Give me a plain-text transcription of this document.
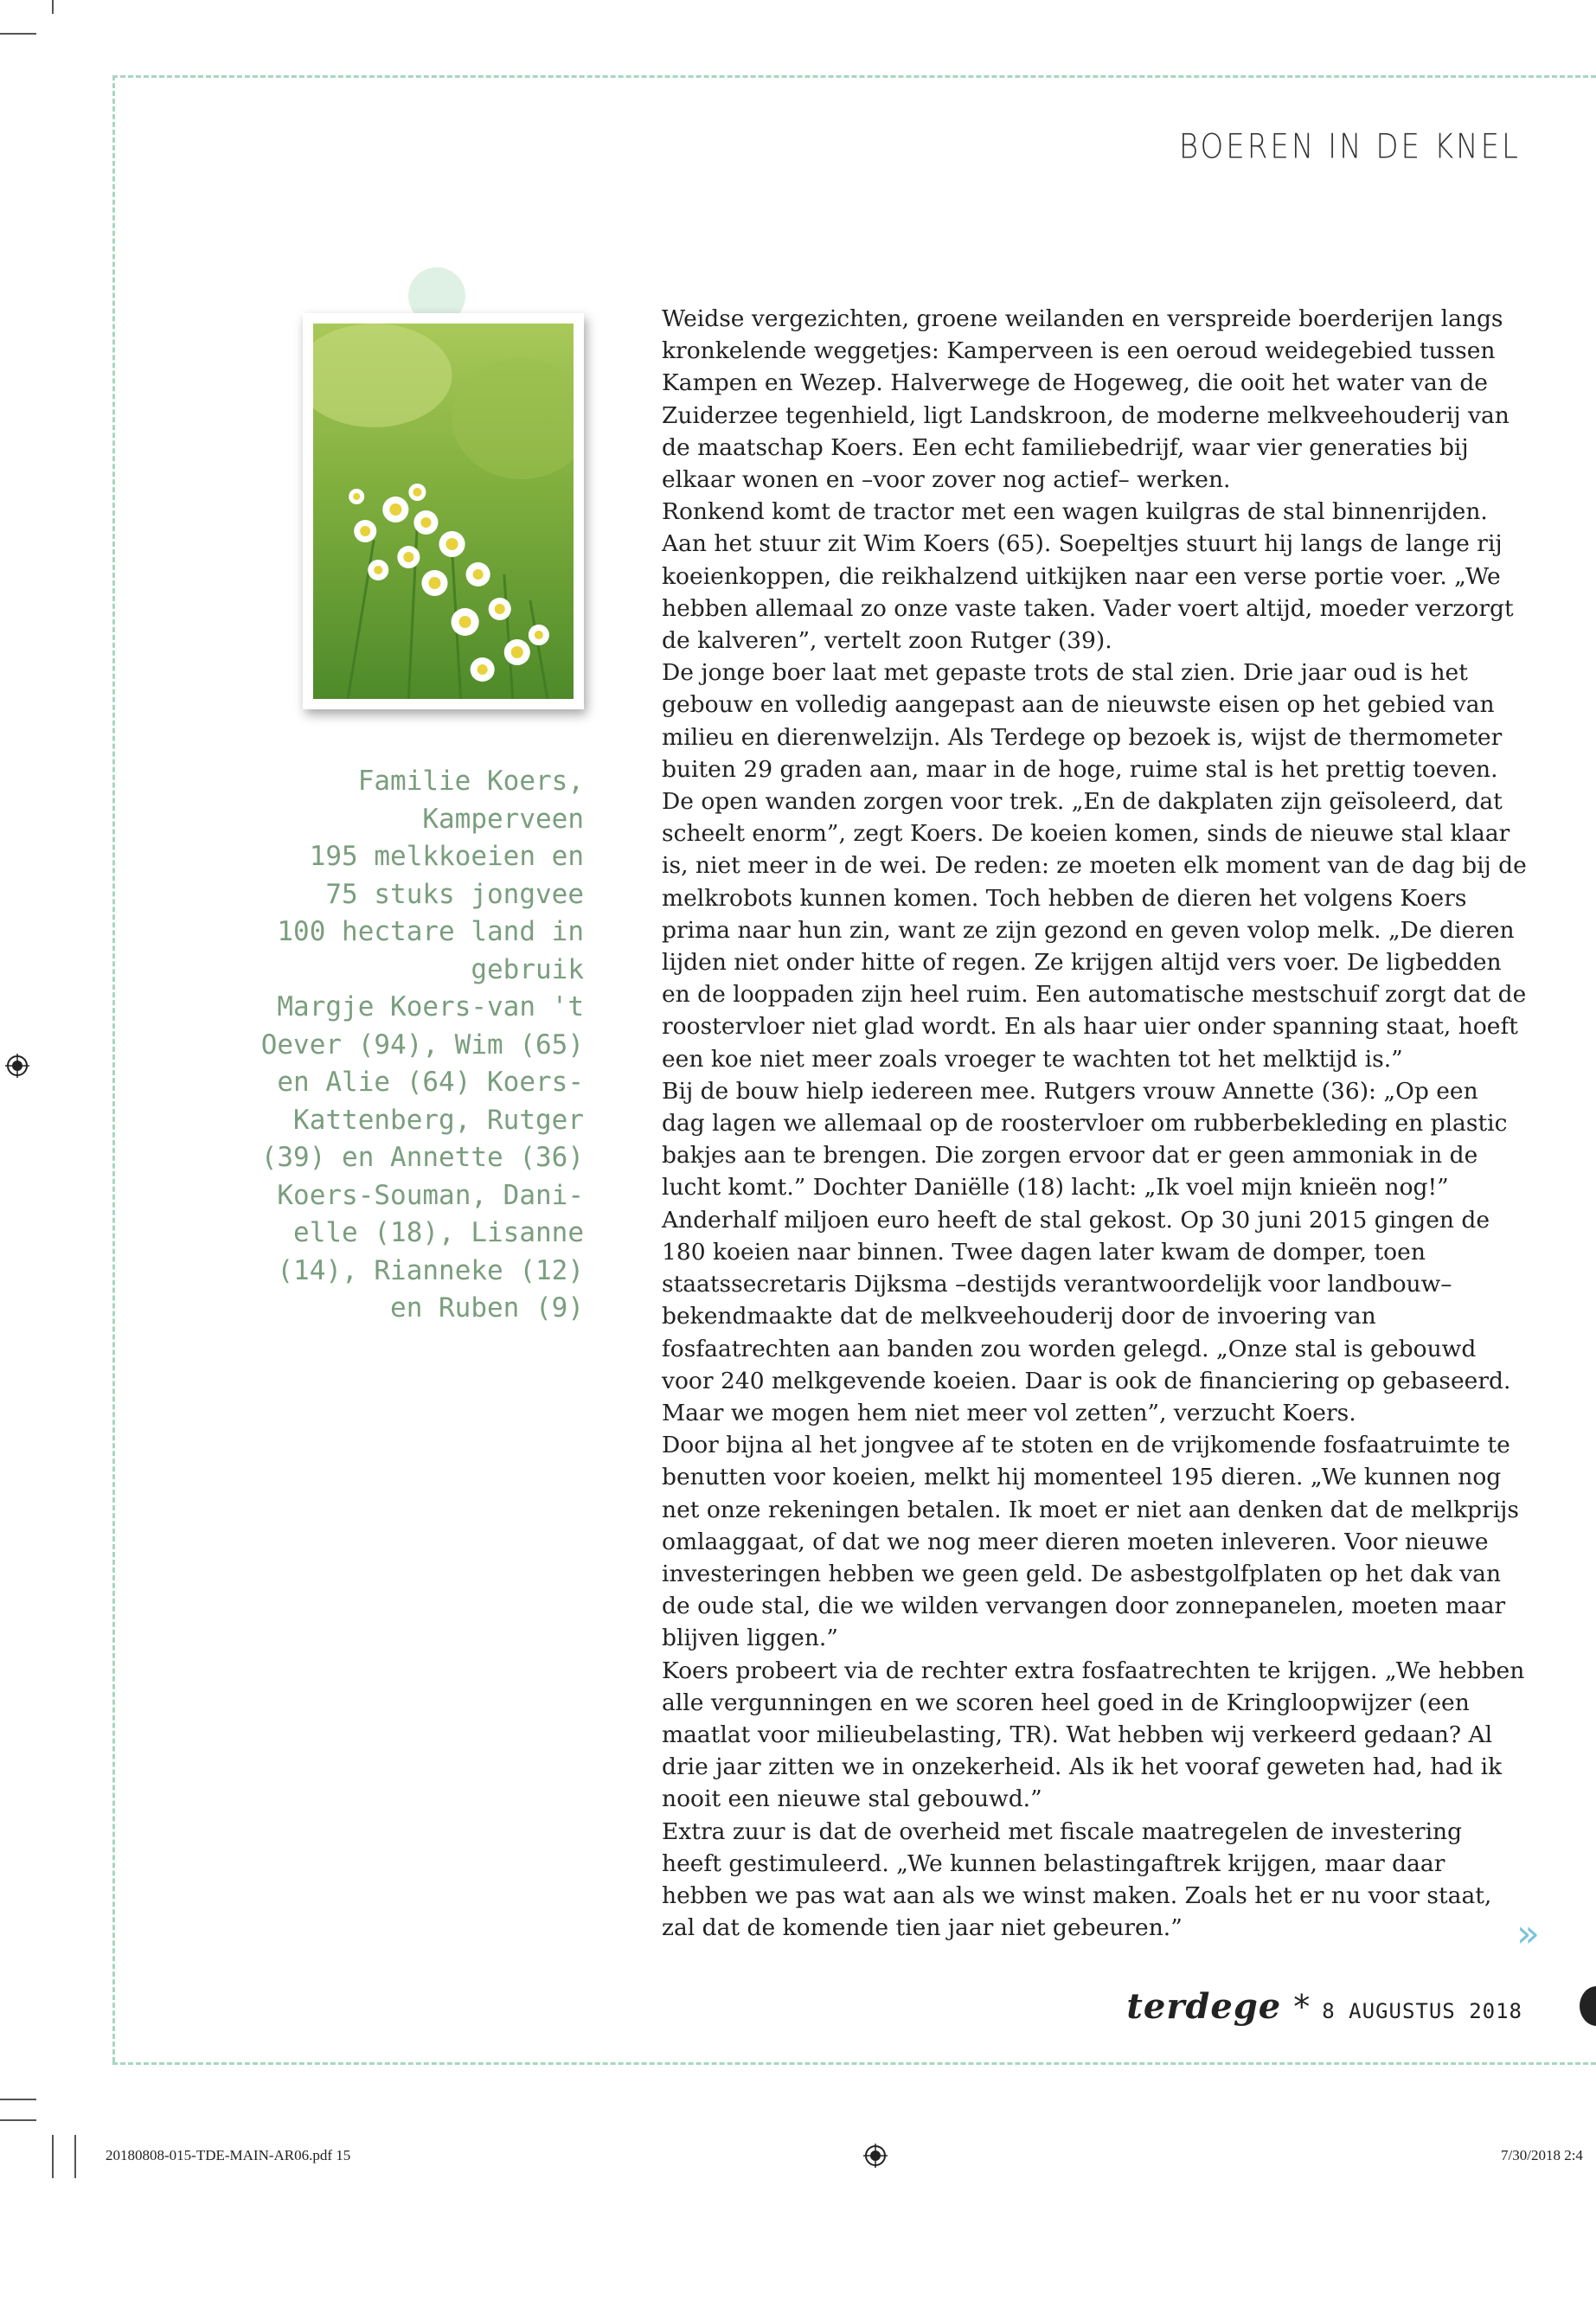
BOEREN IN DE KNEL
Familie Koers,
Kamperveen
195 melkkoeien en
75 stuks jongvee
100 hectare land in
gebruik
Margje Koers-van 't
Oever (94), Wim (65)
en Alie (64) Koers-
Kattenberg, Rutger
(39) en Annette (36)
Koers-Souman, Dani-
elle (18), Lisanne
(14), Rianneke (12)
en Ruben (9)

Weidse vergezichten, groene weilanden en verspreide boerderijen langs kronkelende weggetjes: Kamperveen is een oeroud weidegebied tussen Kampen en Wezep. Halverwege de Hogeweg, die ooit het water van de Zuiderzee tegenhield, ligt Landskroon, de moderne melkveehouderij van de maatschap Koers. Een echt familiebedrijf, waar vier generaties bij elkaar wonen en –voor zover nog actief– werken.

Ronkend komt de tractor met een wagen kuilgras de stal binnenrijden. Aan het stuur zit Wim Koers (65). Soepeltjes stuurt hij langs de lange rij koeienkoppen, die reikhalzend uitkijken naar een verse portie voer. „We hebben allemaal zo onze vaste taken. Vader voert altijd, moeder verzorgt de kalveren”, vertelt zoon Rutger (39).

De jonge boer laat met gepaste trots de stal zien. Drie jaar oud is het gebouw en volledig aangepast aan de nieuwste eisen op het gebied van milieu en dierenwelzijn. Als Terdege op bezoek is, wijst de thermometer buiten 29 graden aan, maar in de hoge, ruime stal is het prettig toeven. De open wanden zorgen voor trek. „En de dakplaten zijn geïsoleerd, dat scheelt enorm”, zegt Koers. De koeien komen, sinds de nieuwe stal klaar is, niet meer in de wei. De reden: ze moeten elk moment van de dag bij de melkrobots kunnen komen. Toch hebben de dieren het volgens Koers prima naar hun zin, want ze zijn gezond en geven volop melk. „De dieren lijden niet onder hitte of regen. Ze krijgen altijd vers voer. De ligbedden en de looppaden zijn heel ruim. Een automatische mestschuif zorgt dat de roostervloer niet glad wordt. En als haar uier onder spanning staat, hoeft een koe niet meer zoals vroeger te wachten tot het melktijd is.”

Bij de bouw hielp iedereen mee. Rutgers vrouw Annette (36): „Op een dag lagen we allemaal op de roostervloer om rubberbekleding en plastic bakjes aan te brengen. Die zorgen ervoor dat er geen ammoniak in de lucht komt.” Dochter Daniëlle (18) lacht: „Ik voel mijn knieën nog!”

Anderhalf miljoen euro heeft de stal gekost. Op 30 juni 2015 gingen de 180 koeien naar binnen. Twee dagen later kwam de domper, toen staatssecretaris Dijksma –destijds verantwoordelijk voor landbouw– bekendmaakte dat de melkveehouderij door de invoering van fosfaatrechten aan banden zou worden gelegd. „Onze stal is gebouwd voor 240 melkgevende koeien. Daar is ook de financiering op gebaseerd. Maar we mogen hem niet meer vol zetten”, verzucht Koers.

Door bijna al het jongvee af te stoten en de vrijkomende fosfaatruimte te benutten voor koeien, melkt hij momenteel 195 dieren. „We kunnen nog net onze rekeningen betalen. Ik moet er niet aan denken dat de melkprijs omlaaggaat, of dat we nog meer dieren moeten inleveren. Voor nieuwe investeringen hebben we geen geld. De asbestgolfplaten op het dak van de oude stal, die we wilden vervangen door zonnepanelen, moeten maar blijven liggen.”

Koers probeert via de rechter extra fosfaatrechten te krijgen. „We hebben alle vergunningen en we scoren heel goed in de Kringloopwijzer (een maatlat voor milieubelasting, TR). Wat hebben wij verkeerd gedaan? Al drie jaar zitten we in onzekerheid. Als ik het vooraf geweten had, had ik nooit een nieuwe stal gebouwd.”

Extra zuur is dat de overheid met fiscale maatregelen de investering heeft gestimuleerd. „We kunnen belastingaftrek krijgen, maar daar hebben we pas wat aan als we winst maken. Zoals het er nu voor staat, zal dat de komende tien jaar niet gebeuren.”	»
terdege * 8 AUGUSTUS 2018
20180808-015-TDE-MAIN-AR06.pdf 15	7/30/2018 2:4
